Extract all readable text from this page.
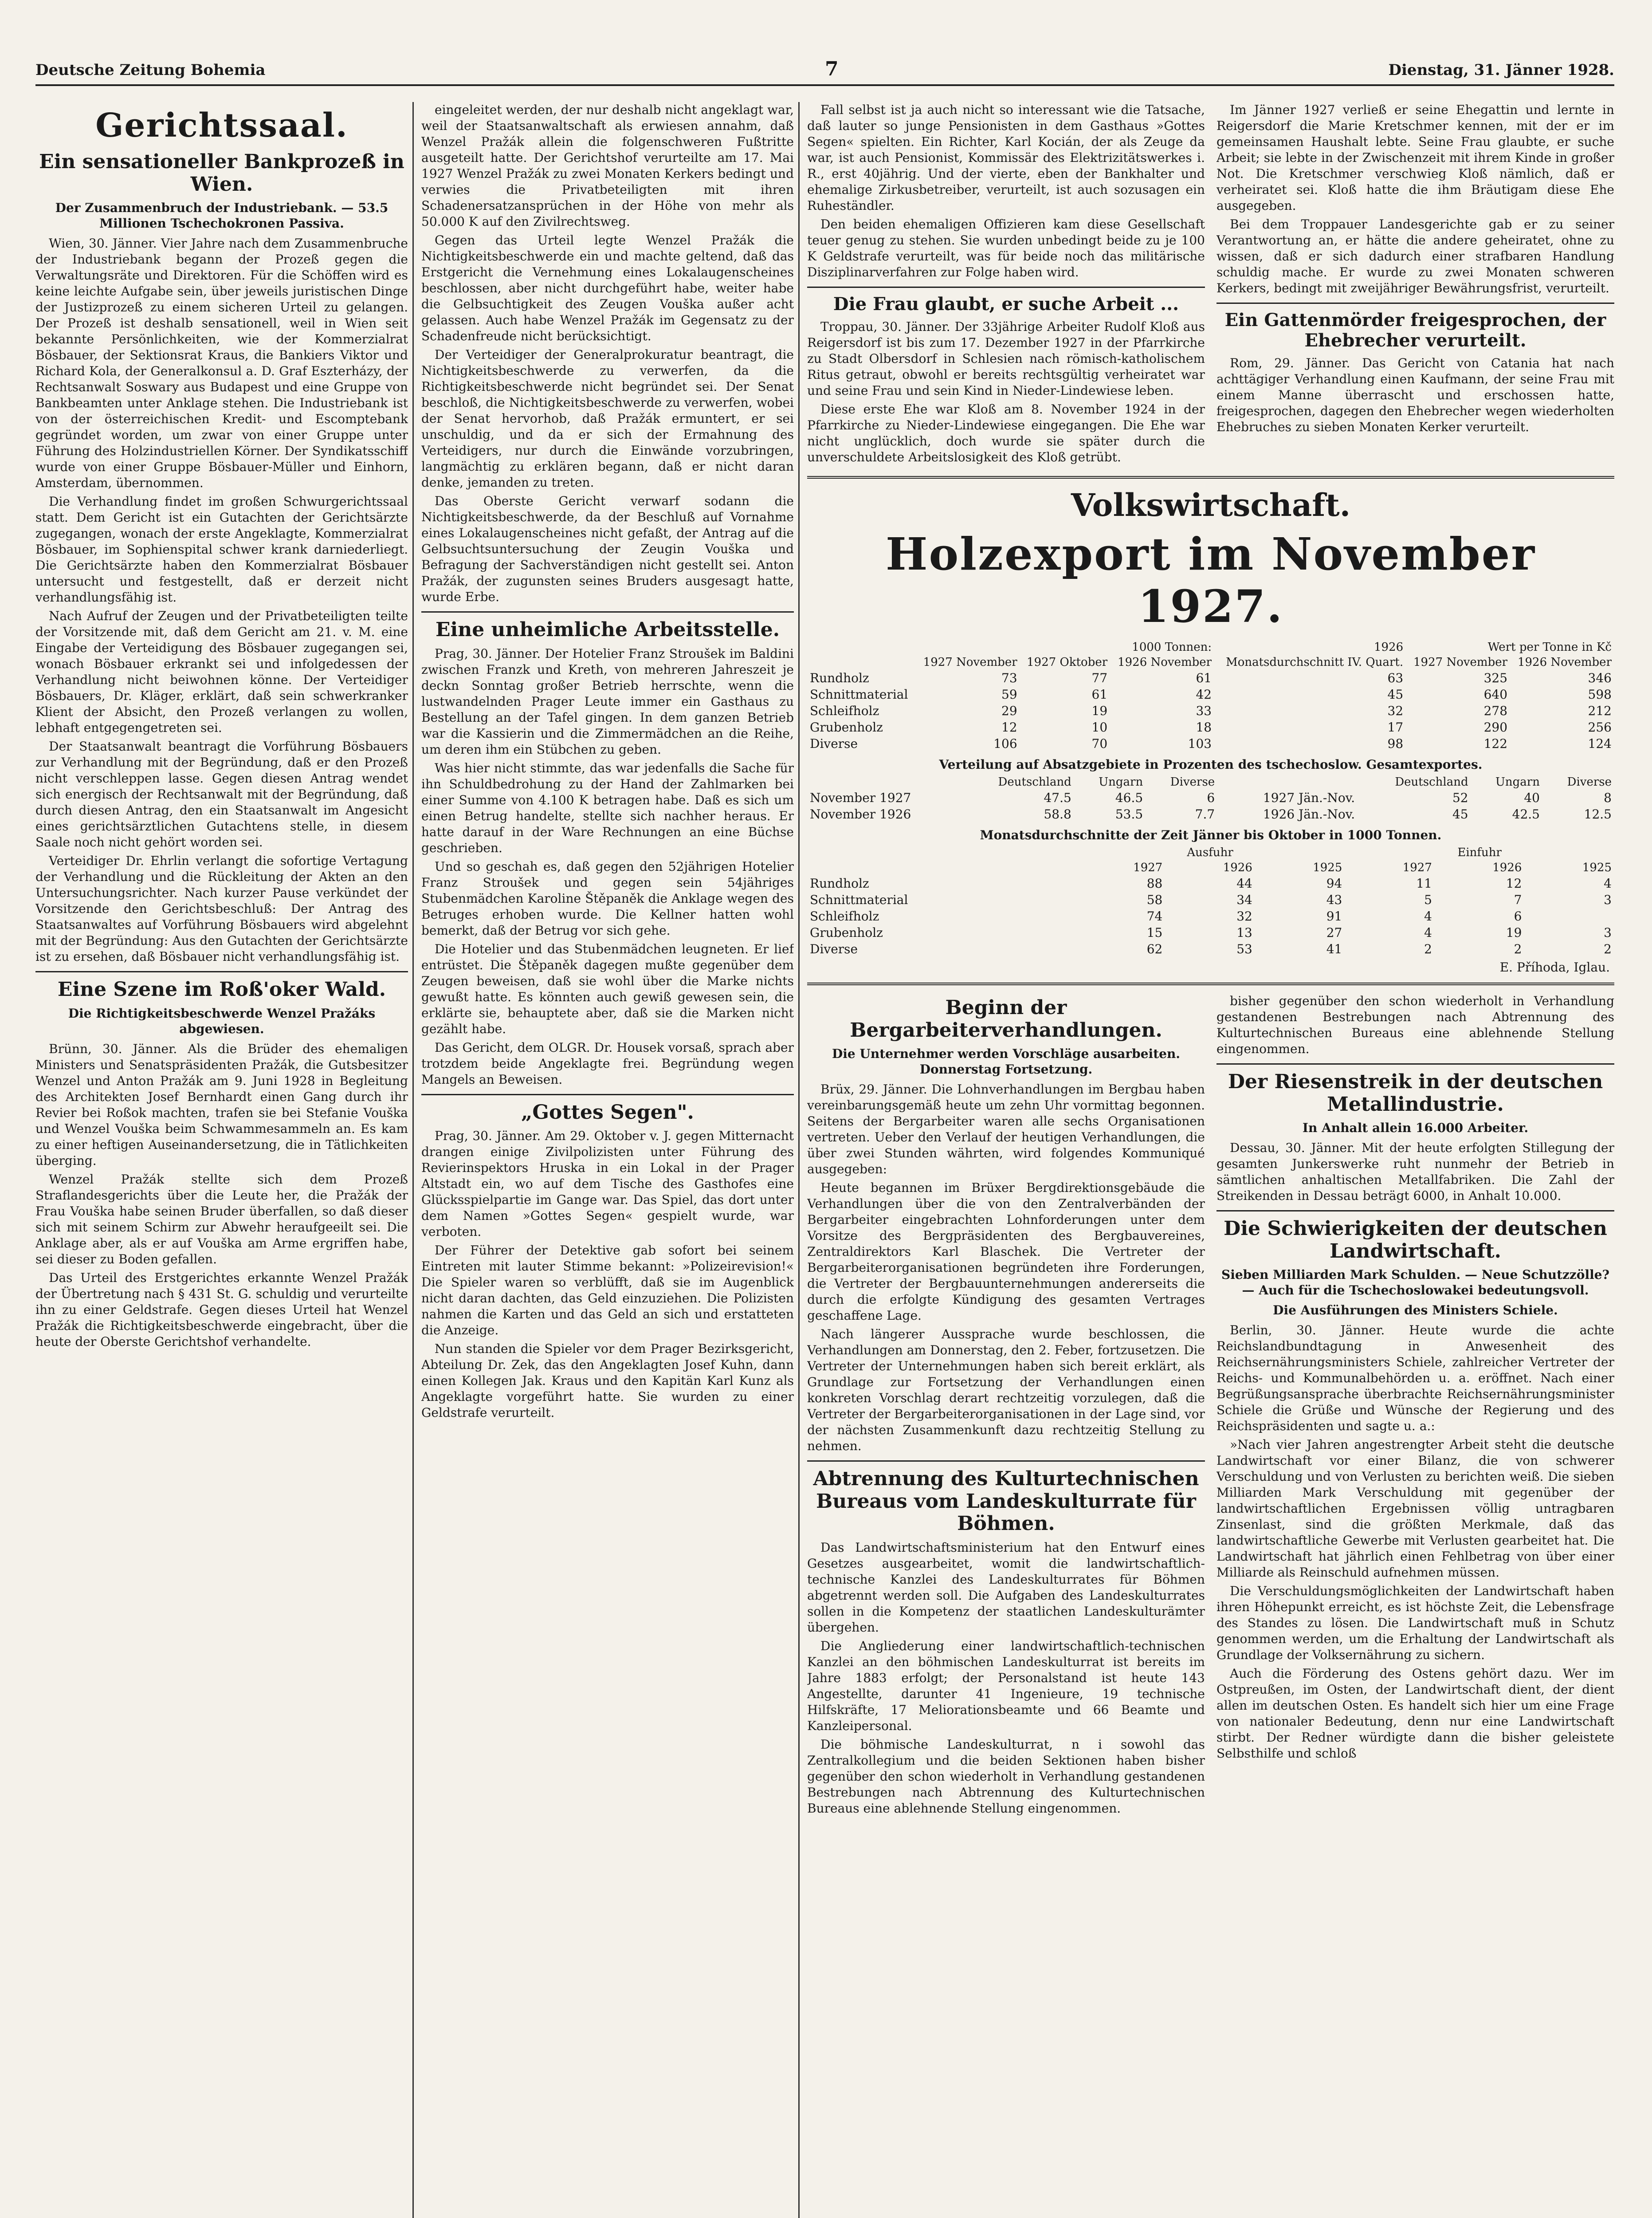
Deutsche Zeitung Bohemia	7	Dienstag, 31. Jänner 1928.
Gerichtssaal.
Ein sensationeller Bankprozeß in Wien.
Der Zusammenbruch der Industriebank. — 53.5 Millionen Tschechokronen Passiva.

Wien, 30. Jänner. Vier Jahre nach dem Zusammenbruche der Industriebank begann der Prozeß gegen die Verwaltungsräte und Direktoren. Für die Schöffen wird es keine leichte Aufgabe sein, über jeweils juristischen Dinge der Justizprozeß zu einem sicheren Urteil zu gelangen. Der Prozeß ist deshalb sensationell, weil in Wien seit bekannte Persönlichkeiten, wie der Kommerzialrat Bösbauer, der Sektionsrat Kraus, die Bankiers Viktor und Richard Kola, der Generalkonsul a. D. Graf Eszterházy, der Rechtsanwalt Soswary aus Budapest und eine Gruppe von Bankbeamten unter Anklage stehen. Die Industriebank ist von der österreichischen Kredit- und Escomptebank gegründet worden, um zwar von einer Gruppe unter Führung des Holzindustriellen Körner. Der Syndikatsschiff wurde von einer Gruppe Bösbauer-Müller und Einhorn, Amsterdam, übernommen.

Die Verhandlung findet im großen Schwurgerichtssaal statt. Dem Gericht ist ein Gutachten der Gerichtsärzte zugegangen, wonach der erste Angeklagte, Kommerzialrat Bösbauer, im Sophienspital schwer krank darniederliegt. Die Gerichtsärzte haben den Kommerzialrat Bösbauer untersucht und festgestellt, daß er derzeit nicht verhandlungsfähig ist.

Nach Aufruf der Zeugen und der Privatbeteiligten teilte der Vorsitzende mit, daß dem Gericht am 21. v. M. eine Eingabe der Verteidigung des Bösbauer zugegangen sei, wonach Bösbauer erkrankt sei und infolgedessen der Verhandlung nicht beiwohnen könne. Der Verteidiger Bösbauers, Dr. Kläger, erklärt, daß sein schwerkranker Klient der Absicht, den Prozeß verlangen zu wollen, lebhaft entgegengetreten sei.

Der Staatsanwalt beantragt die Vorführung Bösbauers zur Verhandlung mit der Begründung, daß er den Prozeß nicht verschleppen lasse. Gegen diesen Antrag wendet sich energisch der Rechtsanwalt mit der Begründung, daß durch diesen Antrag, den ein Staatsanwalt im Angesicht eines gerichtsärztlichen Gutachtens stelle, in diesem Saale noch nicht gehört worden sei.

Verteidiger Dr. Ehrlin verlangt die sofortige Vertagung der Verhandlung und die Rückleitung der Akten an den Untersuchungsrichter. Nach kurzer Pause verkündet der Vorsitzende den Gerichtsbeschluß: Der Antrag des Staatsanwaltes auf Vorführung Bösbauers wird abgelehnt mit der Begründung: Aus den Gutachten der Gerichtsärzte ist zu ersehen, daß Bösbauer nicht verhandlungsfähig ist.

Eine Szene im Roß'oker Wald.
Die Richtigkeitsbeschwerde Wenzel Pražáks abgewiesen.

Brünn, 30. Jänner. Als die Brüder des ehemaligen Ministers und Senatspräsidenten Pražák, die Gutsbesitzer Wenzel und Anton Pražák am 9. Juni 1928 in Begleitung des Architekten Josef Bernhardt einen Gang durch ihr Revier bei Roßok machten, trafen sie bei Stefanie Vouška und Wenzel Vouška beim Schwammesammeln an. Es kam zu einer heftigen Auseinandersetzung, die in Tätlichkeiten überging.

Wenzel Pražák stellte sich dem Prozeß Straflandesgerichts über die Leute her, die Pražák der Frau Vouška habe seinen Bruder überfallen, so daß dieser sich mit seinem Schirm zur Abwehr heraufgeeilt sei. Die Anklage aber, als er auf Vouška am Arme ergriffen habe, sei dieser zu Boden gefallen.

Das Urteil des Erstgerichtes erkannte Wenzel Pražák der Übertretung nach § 431 St. G. schuldig und verurteilte ihn zu einer Geldstrafe. Gegen dieses Urteil hat Wenzel Pražák die Richtigkeitsbeschwerde eingebracht, über die heute der Oberste Gerichtshof verhandelte.

eingeleitet werden, der nur deshalb nicht angeklagt war, weil der Staatsanwaltschaft als erwiesen annahm, daß Wenzel Pražák allein die folgenschweren Fußtritte ausgeteilt hatte. Der Gerichtshof verurteilte am 17. Mai 1927 Wenzel Pražák zu zwei Monaten Kerkers bedingt und verwies die Privatbeteiligten mit ihren Schadenersatzansprüchen in der Höhe von mehr als 50.000 K auf den Zivilrechtsweg.

Gegen das Urteil legte Wenzel Pražák die Nichtigkeitsbeschwerde ein und machte geltend, daß das Erstgericht die Vernehmung eines Lokalaugenscheines beschlossen, aber nicht durchgeführt habe, weiter habe die Gelbsuchtigkeit des Zeugen Vouška außer acht gelassen. Auch habe Wenzel Pražák im Gegensatz zu der Schadenfreude nicht berücksichtigt.

Der Verteidiger der Generalprokuratur beantragt, die Nichtigkeitsbeschwerde zu verwerfen, da die Richtigkeitsbeschwerde nicht begründet sei. Der Senat beschloß, die Nichtigkeitsbeschwerde zu verwerfen, wobei der Senat hervorhob, daß Pražák ermuntert, er sei unschuldig, und da er sich der Ermahnung des Verteidigers, nur durch die Einwände vorzubringen, langmächtig zu erklären begann, daß er nicht daran denke, jemanden zu treten.

Das Oberste Gericht verwarf sodann die Nichtigkeitsbeschwerde, da der Beschluß auf Vornahme eines Lokalaugenscheines nicht gefaßt, der Antrag auf die Gelbsuchtsuntersuchung der Zeugin Vouška und Befragung der Sachverständigen nicht gestellt sei. Anton Pražák, der zugunsten seines Bruders ausgesagt hatte, wurde Erbe.

Eine unheimliche Arbeitsstelle.

Prag, 30. Jänner. Der Hotelier Franz Stroušek im Baldini zwischen Franzk und Kreth, von mehreren Jahreszeit je deckn Sonntag großer Betrieb herrschte, wenn die lustwandelnden Prager Leute immer ein Gasthaus zu Bestellung an der Tafel gingen. In dem ganzen Betrieb war die Kassierin und die Zimmermädchen an die Reihe, um deren ihm ein Stübchen zu geben.

Was hier nicht stimmte, das war jedenfalls die Sache für ihn Schuldbedrohung zu der Hand der Zahlmarken bei einer Summe von 4.100 K betragen habe. Daß es sich um einen Betrug handelte, stellte sich nachher heraus. Er hatte darauf in der Ware Rechnungen an eine Büchse geschrieben.

Und so geschah es, daß gegen den 52jährigen Hotelier Franz Stroušek und gegen sein 54jähriges Stubenmädchen Karoline Štěpaněk die Anklage wegen des Betruges erhoben wurde. Die Kellner hatten wohl bemerkt, daß der Betrug vor sich gehe.

Die Hotelier und das Stubenmädchen leugneten. Er lief entrüstet. Die Štěpaněk dagegen mußte gegenüber dem Zeugen beweisen, daß sie wohl über die Marke nichts gewußt hatte. Es könnten auch gewiß gewesen sein, die erklärte sie, behauptete aber, daß sie die Marken nicht gezählt habe.

Das Gericht, dem OLGR. Dr. Housek vorsaß, sprach aber trotzdem beide Angeklagte frei. Begründung wegen Mangels an Beweisen.

„Gottes Segen".

Prag, 30. Jänner. Am 29. Oktober v. J. gegen Mitternacht drangen einige Zivilpolizisten unter Führung des Revierinspektors Hruska in ein Lokal in der Prager Altstadt ein, wo auf dem Tische des Gasthofes eine Glücksspielpartie im Gange war. Das Spiel, das dort unter dem Namen »Gottes Segen« gespielt wurde, war verboten.

Der Führer der Detektive gab sofort bei seinem Eintreten mit lauter Stimme bekannt: »Polizeirevision!« Die Spieler waren so verblüfft, daß sie im Augenblick nicht daran dachten, das Geld einzuziehen. Die Polizisten nahmen die Karten und das Geld an sich und erstatteten die Anzeige.

Nun standen die Spieler vor dem Prager Bezirksgericht, Abteilung Dr. Zek, das den Angeklagten Josef Kuhn, dann einen Kollegen Jak. Kraus und den Kapitän Karl Kunz als Angeklagte vorgeführt hatte. Sie wurden zu einer Geldstrafe verurteilt.

Fall selbst ist ja auch nicht so interessant wie die Tatsache, daß lauter so junge Pensionisten in dem Gasthaus »Gottes Segen« spielten. Ein Richter, Karl Kocián, der als Zeuge da war, ist auch Pensionist, Kommissär des Elektrizitätswerkes i. R., erst 40jährig. Und der vierte, eben der Bankhalter und ehemalige Zirkusbetreiber, verurteilt, ist auch sozusagen ein Ruheständler.

Den beiden ehemaligen Offizieren kam diese Gesellschaft teuer genug zu stehen. Sie wurden unbedingt beide zu je 100 K Geldstrafe verurteilt, was für beide noch das militärische Disziplinarverfahren zur Folge haben wird.

Die Frau glaubt, er suche Arbeit ...

Troppau, 30. Jänner. Der 33jährige Arbeiter Rudolf Kloß aus Reigersdorf ist bis zum 17. Dezember 1927 in der Pfarrkirche zu Stadt Olbersdorf in Schlesien nach römisch-katholischem Ritus getraut, obwohl er bereits rechtsgültig verheiratet war und seine Frau und sein Kind in Nieder-Lindewiese leben.

Diese erste Ehe war Kloß am 8. November 1924 in der Pfarrkirche zu Nieder-Lindewiese eingegangen. Die Ehe war nicht unglücklich, doch wurde sie später durch die unverschuldete Arbeitslosigkeit des Kloß getrübt.

Im Jänner 1927 verließ er seine Ehegattin und lernte in Reigersdorf die Marie Kretschmer kennen, mit der er im gemeinsamen Haushalt lebte. Seine Frau glaubte, er suche Arbeit; sie lebte in der Zwischenzeit mit ihrem Kinde in großer Not. Die Kretschmer verschwieg Kloß nämlich, daß er verheiratet sei. Kloß hatte die ihm Bräutigam diese Ehe ausgegeben.

Bei dem Troppauer Landesgerichte gab er zu seiner Verantwortung an, er hätte die andere geheiratet, ohne zu wissen, daß er sich dadurch einer strafbaren Handlung schuldig mache. Er wurde zu zwei Monaten schweren Kerkers, bedingt mit zweijähriger Bewährungsfrist, verurteilt.

Ein Gattenmörder freigesprochen, der Ehebrecher verurteilt.

Rom, 29. Jänner. Das Gericht von Catania hat nach achttägiger Verhandlung einen Kaufmann, der seine Frau mit einem Manne überrascht und erschossen hatte, freigesprochen, dagegen den Ehebrecher wegen wiederholten Ehebruches zu sieben Monaten Kerker verurteilt.

Volkswirtschaft.
Holzexport im November 1927.
	1000 Tonnen:			1926	Wert per Tonne in Kč	
	1927 November	1927 Oktober	1926 November	Monatsdurchschnitt IV. Quart.	1927 November	1926 November
Rundholz	73	77	61	63	325	346
Schnittmaterial	59	61	42	45	640	598
Schleifholz	29	19	33	32	278	212
Grubenholz	12	10	18	17	290	256
Diverse	106	70	103	98	122	124
Verteilung auf Absatzgebiete in Prozenten des tschechoslow. Gesamtexportes.
	Deutschland	Ungarn	Diverse		Deutschland	Ungarn	Diverse
November 1927	47.5	46.5	6	1927 Jän.-Nov.	52	40	8
November 1926	58.8	53.5	7.7	1926 Jän.-Nov.	45	42.5	12.5
Monatsdurchschnitte der Zeit Jänner bis Oktober in 1000 Tonnen.
	Ausfuhr			Einfuhr		
	1927	1926	1925	1927	1926	1925
Rundholz	88	44	94	11	12	4
Schnittmaterial	58	34	43	5	7	3
Schleifholz	74	32	91	4	6	
Grubenholz	15	13	27	4	19	3
Diverse	62	53	41	2	2	2
E. Příhoda, Iglau.
Beginn der Bergarbeiterverhandlungen.
Die Unternehmer werden Vorschläge ausarbeiten. Donnerstag Fortsetzung.

Brüx, 29. Jänner. Die Lohnverhandlungen im Bergbau haben vereinbarungsgemäß heute um zehn Uhr vormittag begonnen. Seitens der Bergarbeiter waren alle sechs Organisationen vertreten. Ueber den Verlauf der heutigen Verhandlungen, die über zwei Stunden währten, wird folgendes Kommuniqué ausgegeben:

Heute begannen im Brüxer Bergdirektionsgebäude die Verhandlungen über die von den Zentralverbänden der Bergarbeiter eingebrachten Lohnforderungen unter dem Vorsitze des Bergpräsidenten des Bergbauvereines, Zentraldirektors Karl Blaschek. Die Vertreter der Bergarbeiterorganisationen begründeten ihre Forderungen, die Vertreter der Bergbauunternehmungen andererseits die durch die erfolgte Kündigung des gesamten Vertrages geschaffene Lage.

Nach längerer Aussprache wurde beschlossen, die Verhandlungen am Donnerstag, den 2. Feber, fortzusetzen. Die Vertreter der Unternehmungen haben sich bereit erklärt, als Grundlage zur Fortsetzung der Verhandlungen einen konkreten Vorschlag derart rechtzeitig vorzulegen, daß die Vertreter der Bergarbeiterorganisationen in der Lage sind, vor der nächsten Zusammenkunft dazu rechtzeitig Stellung zu nehmen.

Abtrennung des Kulturtechnischen Bureaus vom Landeskulturrate für Böhmen.

Das Landwirtschaftsministerium hat den Entwurf eines Gesetzes ausgearbeitet, womit die landwirtschaftlich-technische Kanzlei des Landeskulturrates für Böhmen abgetrennt werden soll. Die Aufgaben des Landeskulturrates sollen in die Kompetenz der staatlichen Landeskulturämter übergehen.

Die Angliederung einer landwirtschaftlich-technischen Kanzlei an den böhmischen Landeskulturrat ist bereits im Jahre 1883 erfolgt; der Personalstand ist heute 143 Angestellte, darunter 41 Ingenieure, 19 technische Hilfskräfte, 17 Meliorationsbeamte und 66 Beamte und Kanzleipersonal.

Die böhmische Landeskulturrat, n i sowohl das Zentralkollegium und die beiden Sektionen haben bisher gegenüber den schon wiederholt in Verhandlung gestandenen Bestrebungen nach Abtrennung des Kulturtechnischen Bureaus eine ablehnende Stellung eingenommen.

bisher gegenüber den schon wiederholt in Verhandlung gestandenen Bestrebungen nach Abtrennung des Kulturtechnischen Bureaus eine ablehnende Stellung eingenommen.

Der Riesenstreik in der deutschen Metallindustrie.
In Anhalt allein 16.000 Arbeiter.

Dessau, 30. Jänner. Mit der heute erfolgten Stillegung der gesamten Junkerswerke ruht nunmehr der Betrieb in sämtlichen anhaltischen Metallfabriken. Die Zahl der Streikenden in Dessau beträgt 6000, in Anhalt 10.000.

Die Schwierigkeiten der deutschen Landwirtschaft.
Sieben Milliarden Mark Schulden. — Neue Schutzzölle? — Auch für die Tschechoslowakei bedeutungsvoll.
Die Ausführungen des Ministers Schiele.

Berlin, 30. Jänner. Heute wurde die achte Reichslandbundtagung in Anwesenheit des Reichsernährungsministers Schiele, zahlreicher Vertreter der Reichs- und Kommunalbehörden u. a. eröffnet. Nach einer Begrüßungsansprache überbrachte Reichsernährungsminister Schiele die Grüße und Wünsche der Regierung und des Reichspräsidenten und sagte u. a.:

»Nach vier Jahren angestrengter Arbeit steht die deutsche Landwirtschaft vor einer Bilanz, die von schwerer Verschuldung und von Verlusten zu berichten weiß. Die sieben Milliarden Mark Verschuldung mit gegenüber der landwirtschaftlichen Ergebnissen völlig untragbaren Zinsenlast, sind die größten Merkmale, daß das landwirtschaftliche Gewerbe mit Verlusten gearbeitet hat. Die Landwirtschaft hat jährlich einen Fehlbetrag von über einer Milliarde als Reinschuld aufnehmen müssen.

Die Verschuldungsmöglichkeiten der Landwirtschaft haben ihren Höhepunkt erreicht, es ist höchste Zeit, die Lebensfrage des Standes zu lösen. Die Landwirtschaft muß in Schutz genommen werden, um die Erhaltung der Landwirtschaft als Grundlage der Volksernährung zu sichern.

Auch die Förderung des Ostens gehört dazu. Wer im Ostpreußen, im Osten, der Landwirtschaft dient, der dient allen im deutschen Osten. Es handelt sich hier um eine Frage von nationaler Bedeutung, denn nur eine Landwirtschaft stirbt. Der Redner würdigte dann die bisher geleistete Selbsthilfe und schloß
